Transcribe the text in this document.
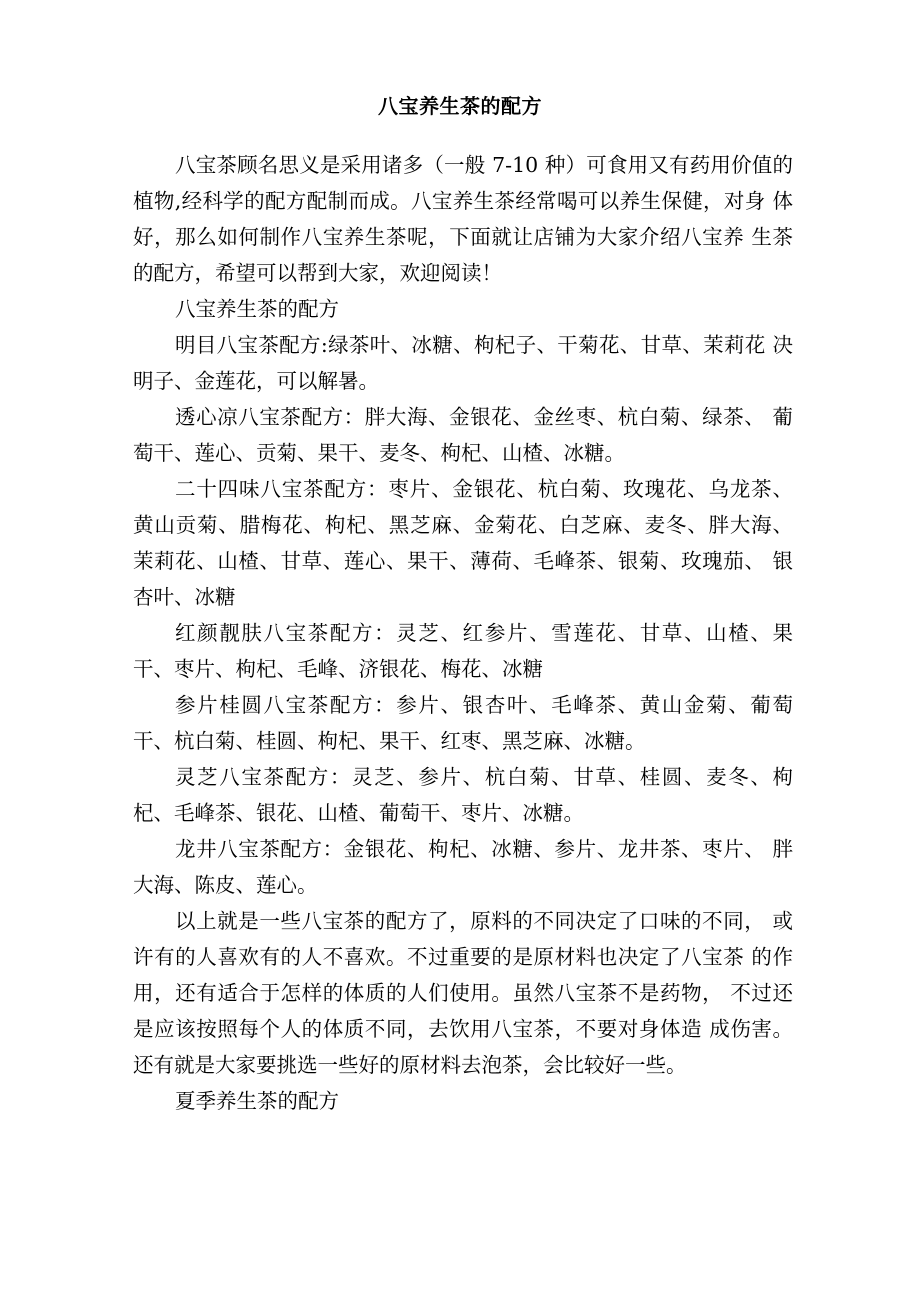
八宝养生茶的配方

八宝茶顾名思义是采用诸多（一般 7-10 种）可食用又有药用价值的 植物,经科学的配方配制而成。八宝养生茶经常喝可以养生保健，对身 体好，那么如何制作八宝养生茶呢，下面就让店铺为大家介绍八宝养 生茶的配方，希望可以帮到大家，欢迎阅读！

八宝养生茶的配方

明目八宝茶配方:绿茶叶、冰糖、枸杞子、干菊花、甘草、茉莉花 决明子、金莲花，可以解暑。

透心凉八宝茶配方：胖大海、金银花、金丝枣、杭白菊、绿茶、 葡萄干、莲心、贡菊、果干、麦冬、枸杞、山楂、冰糖。

二十四味八宝茶配方：枣片、金银花、杭白菊、玫瑰花、乌龙茶、 黄山贡菊、腊梅花、枸杞、黑芝麻、金菊花、白芝麻、麦冬、胖大海、 茉莉花、山楂、甘草、莲心、果干、薄荷、毛峰茶、银菊、玫瑰茄、 银杏叶、冰糖

红颜靓肤八宝茶配方：灵芝、红参片、雪莲花、甘草、山楂、果 干、枣片、枸杞、毛峰、济银花、梅花、冰糖

参片桂圆八宝茶配方：参片、银杏叶、毛峰茶、黄山金菊、葡萄 干、杭白菊、桂圆、枸杞、果干、红枣、黑芝麻、冰糖。

灵芝八宝茶配方：灵芝、参片、杭白菊、甘草、桂圆、麦冬、枸 杞、毛峰茶、银花、山楂、葡萄干、枣片、冰糖。

龙井八宝茶配方：金银花、枸杞、冰糖、参片、龙井茶、枣片、 胖大海、陈皮、莲心。

以上就是一些八宝茶的配方了，原料的不同决定了口味的不同， 或许有的人喜欢有的人不喜欢。不过重要的是原材料也决定了八宝茶 的作用，还有适合于怎样的体质的人们使用。虽然八宝茶不是药物， 不过还是应该按照每个人的体质不同，去饮用八宝茶，不要对身体造 成伤害。还有就是大家要挑选一些好的原材料去泡茶，会比较好一些。

夏季养生茶的配方
